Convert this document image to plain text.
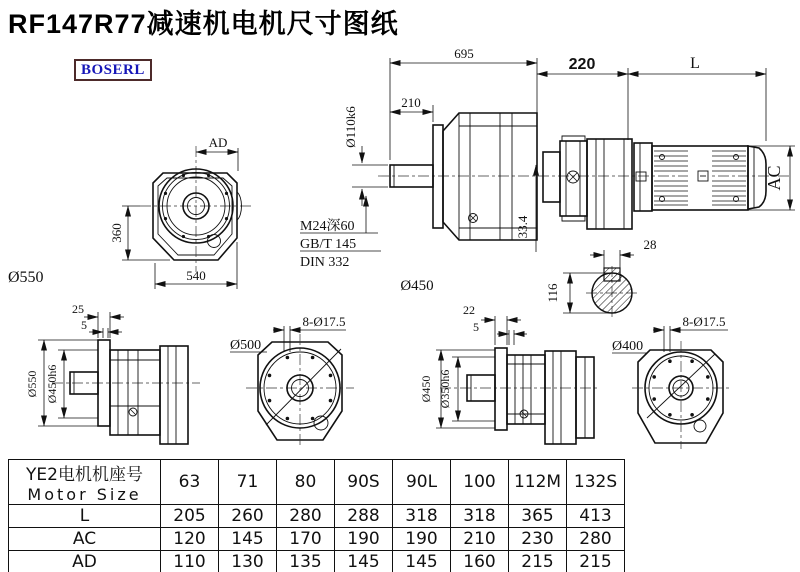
RF147R77减速机电机尺寸图纸
BOSERL
AD
360
540
Ø550	Ø450
695
210
Ø110k6
M24深60
GB/T 145
DIN 332
33.4
220	L
AC
28
116
25
5
Ø550 Ø450h6
8-Ø17.5
Ø500
22
5
Ø450 Ø350h6
8-Ø17.5
Ø400
YE2电机机座号
Motor Size	63	71	80	90S	90L	100	112M	132S
L	205	260	280	288	318	318	365	413
AC	120	145	170	190	190	210	230	280
AD	110	130	135	145	145	160	215	215
